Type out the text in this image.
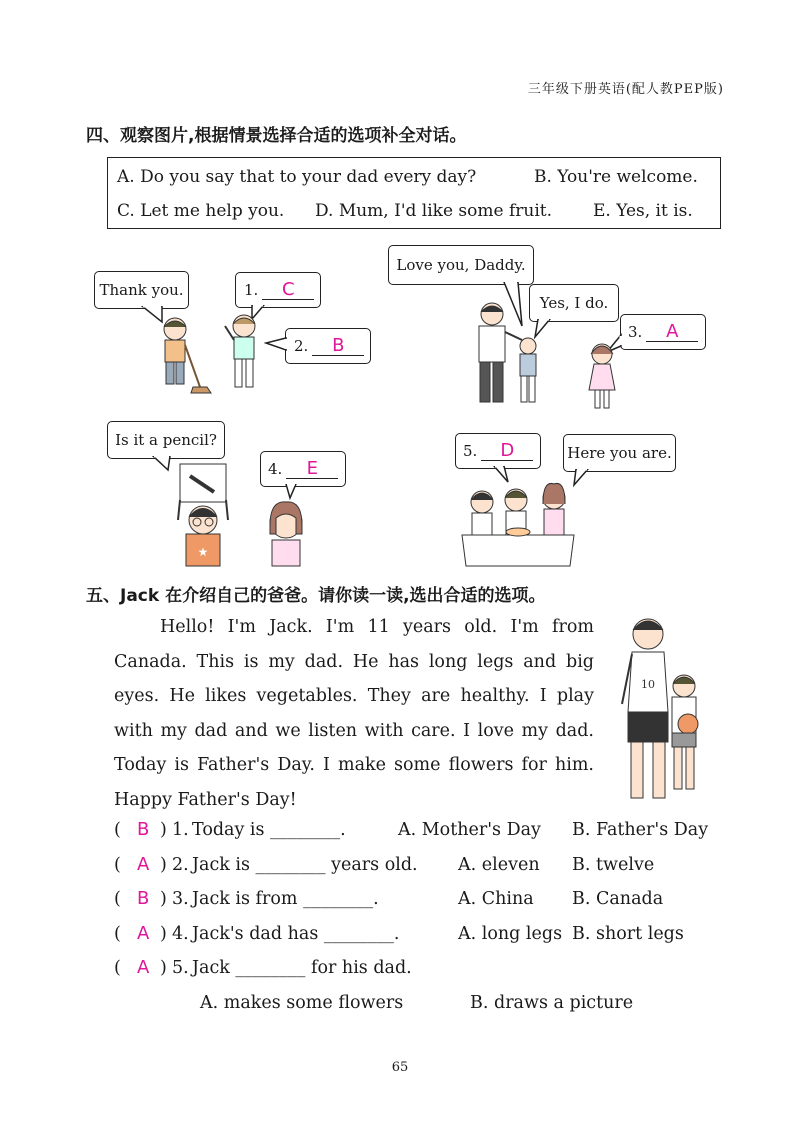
三年级下册英语(配人教PEP版)
四、观察图片,根据情景选择合适的选项补全对话。
A. Do you say that to your dad every day?	B. You're welcome.
C. Let me help you. D. Mum, I'd like some fruit. E. Yes, it is.
Thank you.	1.	C
2.	B
Love you, Daddy.
Yes, I do.
3.	A
Is it a pencil?
4.	E
★
5.	D	Here you are.
五、Jack 在介绍自己的爸爸。请你读一读,选出合适的选项。

Hello! I'm Jack. I'm 11 years old. I'm from Canada. This is my dad. He has long legs and big eyes. He likes vegetables. They are healthy. I play with my dad and we listen with care. I love my dad. Today is Father's Day. I make some flowers for him. Happy Father's Day!

10
( B ) 1. Today is ________.	A. Mother's Day B. Father's Day
( A ) 2. Jack is ________ years old. A. eleven B. twelve
( B ) 3. Jack is from ________.	A. China B. Canada
( A ) 4. Jack's dad has ________.	A. long legs B. short legs
( A ) 5. Jack ________ for his dad.
A. makes some flowers	B. draws a picture
65
